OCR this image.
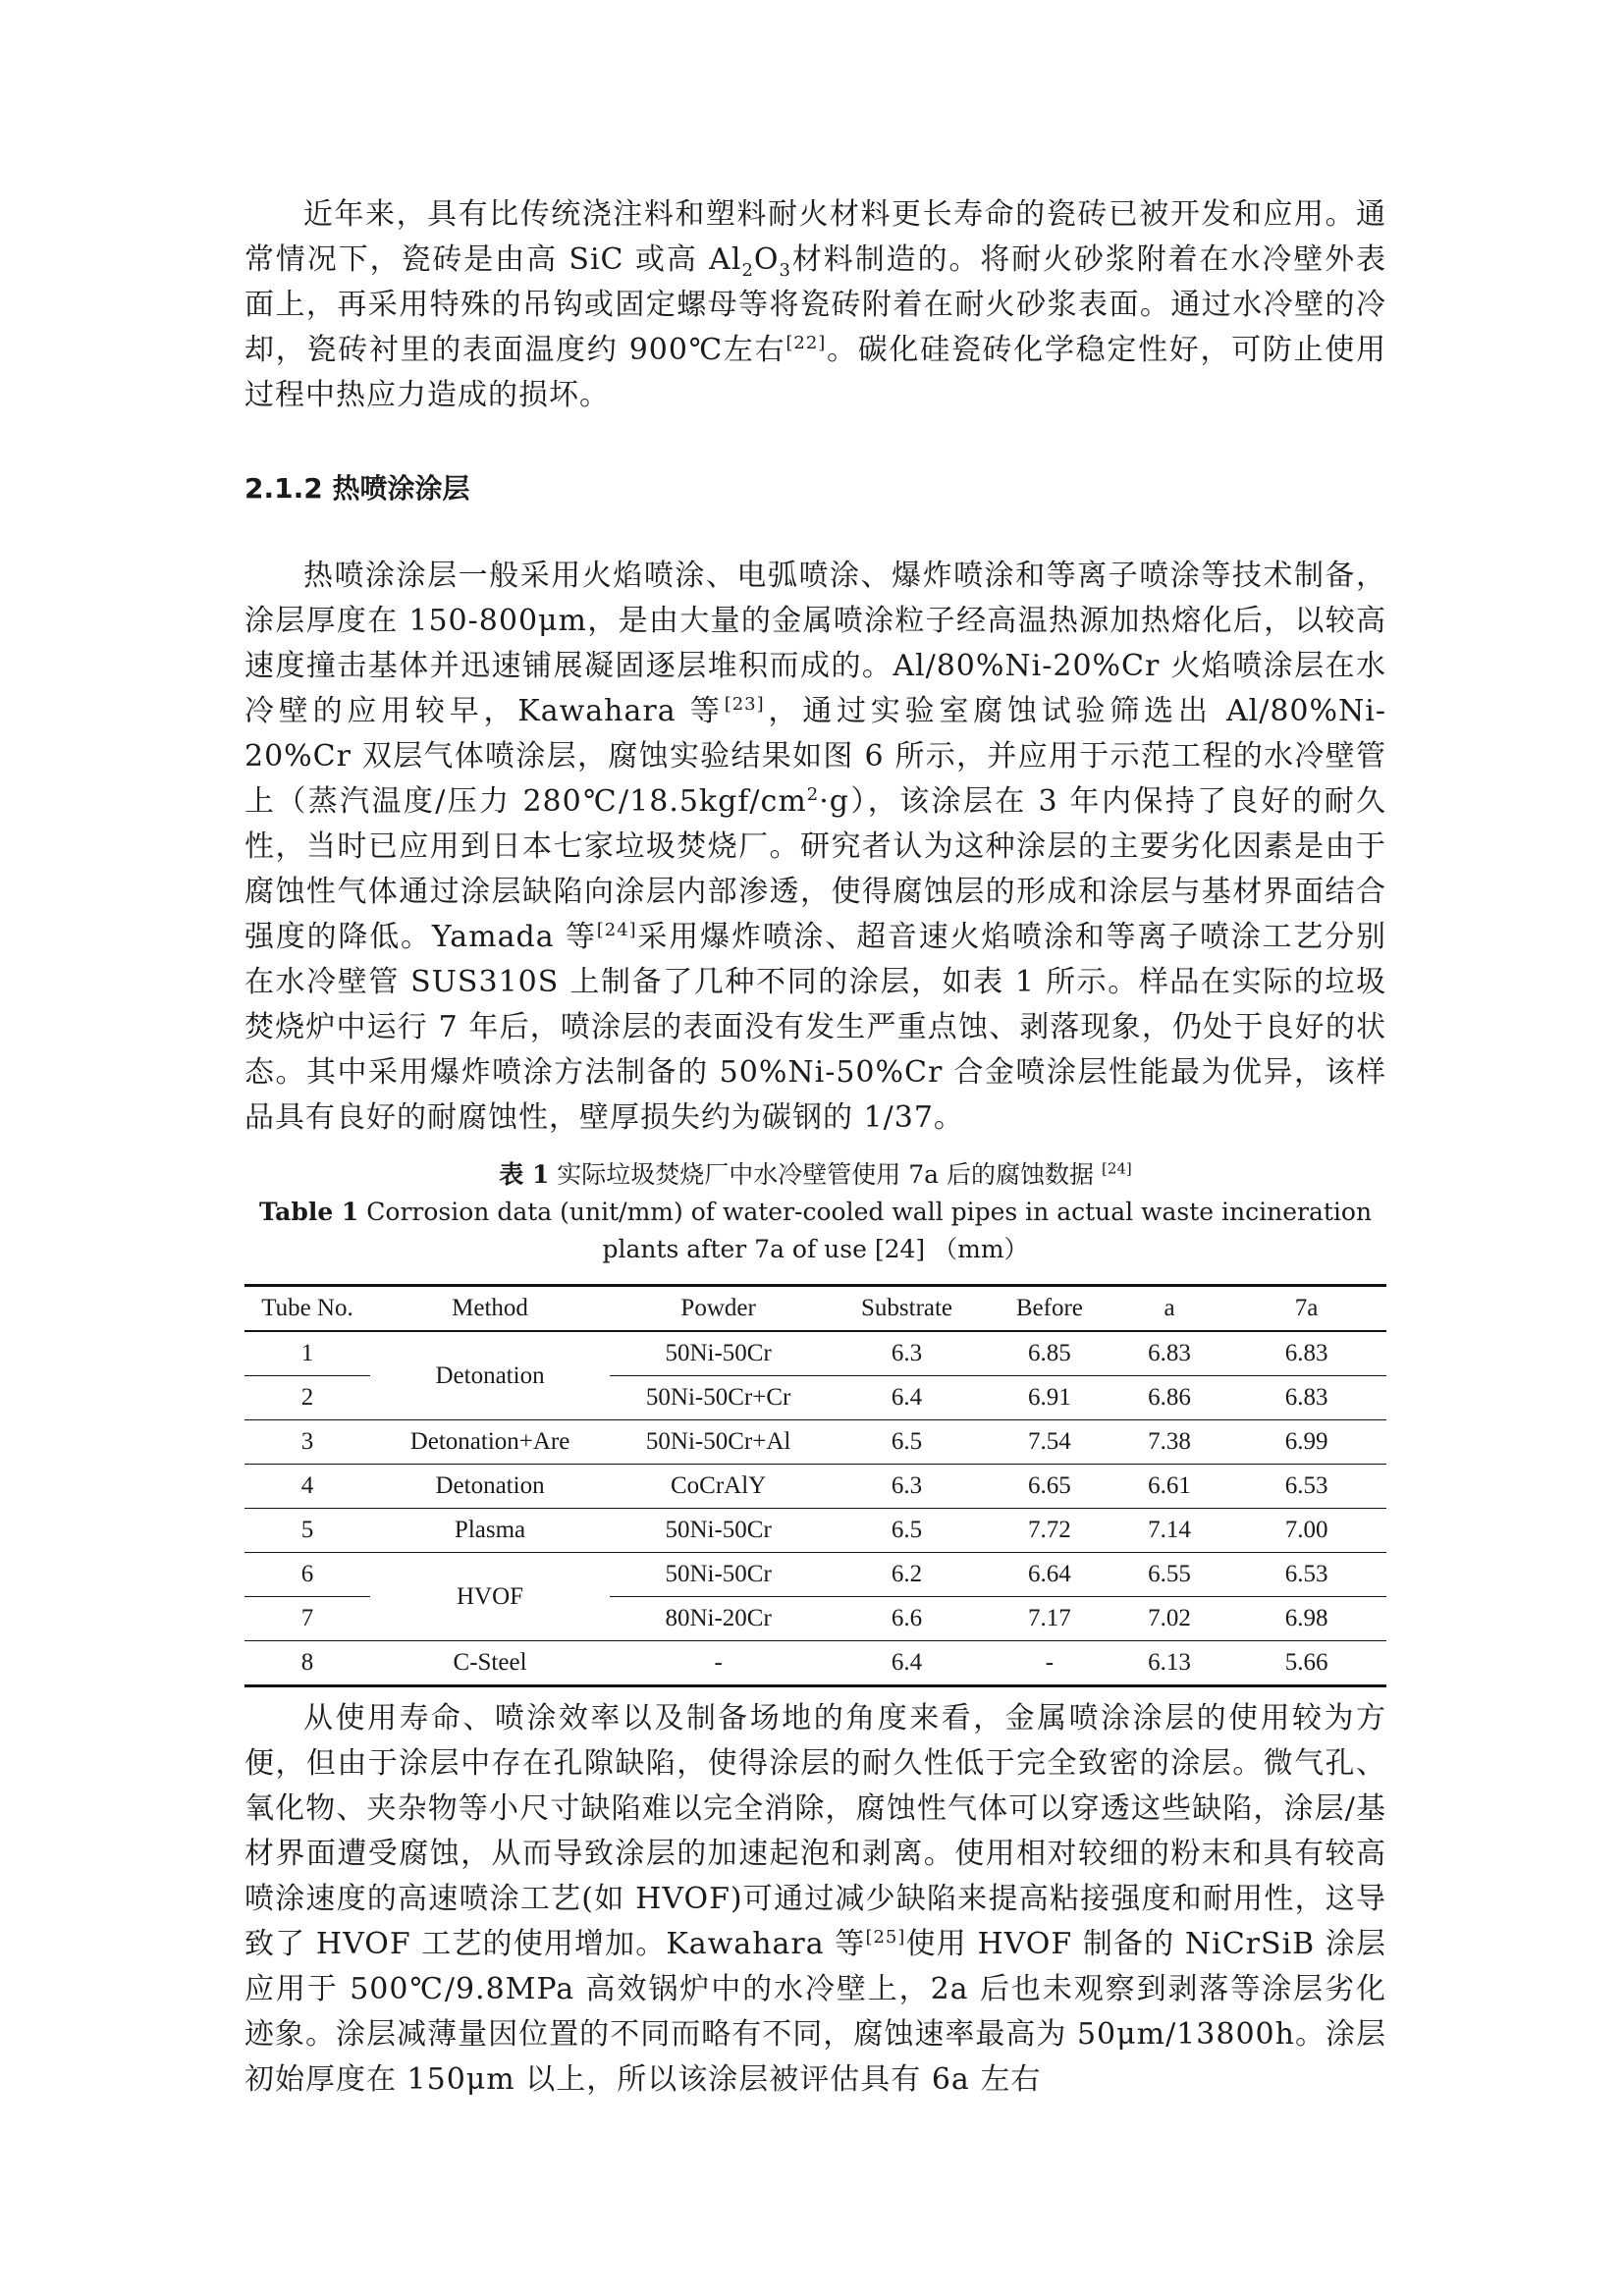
近年来，具有比传统浇注料和塑料耐火材料更长寿命的瓷砖已被开发和应用。通常情况下，瓷砖是由高 SiC 或高 $Al_2O_3$材料制造的。将耐火砂浆附着在水冷壁外表面上，再采用特殊的吊钩或固定螺母等将瓷砖附着在耐火砂浆表面。通过水冷壁的冷却，瓷砖衬里的表面温度约 900℃左右[22]。碳化硅瓷砖化学稳定性好，可防止使用过程中热应力造成的损坏。

2.1.2 热喷涂涂层

热喷涂涂层一般采用火焰喷涂、电弧喷涂、爆炸喷涂和等离子喷涂等技术制备，涂层厚度在 150-800μm，是由大量的金属喷涂粒子经高温热源加热熔化后，以较高速度撞击基体并迅速铺展凝固逐层堆积而成的。Al/80%Ni-20%Cr 火焰喷涂层在水冷壁的应用较早，Kawahara 等[23]，通过实验室腐蚀试验筛选出 Al/80%Ni-20%Cr 双层气体喷涂层，腐蚀实验结果如图 6 所示，并应用于示范工程的水冷壁管上（蒸汽温度/压力 $280℃/18.5kgf/cm^2\cdot g$），该涂层在 3 年内保持了良好的耐久性，当时已应用到日本七家垃圾焚烧厂。研究者认为这种涂层的主要劣化因素是由于腐蚀性气体通过涂层缺陷向涂层内部渗透，使得腐蚀层的形成和涂层与基材界面结合强度的降低。Yamada 等[24]采用爆炸喷涂、超音速火焰喷涂和等离子喷涂工艺分别在水冷壁管 SUS310S 上制备了几种不同的涂层，如表 1 所示。样品在实际的垃圾焚烧炉中运行 7 年后，喷涂层的表面没有发生严重点蚀、剥落现象，仍处于良好的状态。其中采用爆炸喷涂方法制备的 50%Ni-50%Cr 合金喷涂层性能最为优异，该样品具有良好的耐腐蚀性，壁厚损失约为碳钢的 1/37。

表 1 实际垃圾焚烧厂中水冷壁管使用 7a 后的腐蚀数据 [24]
Table 1 Corrosion data (unit/mm) of water-cooled wall pipes in actual waste incineration plants after 7a of use [24] （mm）
Tube No.	Method	Powder	Substrate	Before	a	7a
1	Detonation	50Ni-50Cr	6.3	6.85	6.83	6.83
2		50Ni-50Cr+Cr	6.4	6.91	6.86	6.83
3	Detonation+Are	50Ni-50Cr+Al	6.5	7.54	7.38	6.99
4	Detonation	CoCrAlY	6.3	6.65	6.61	6.53
5	Plasma	50Ni-50Cr	6.5	7.72	7.14	7.00
6	HVOF	50Ni-50Cr	6.2	6.64	6.55	6.53
7		80Ni-20Cr	6.6	7.17	7.02	6.98
8	C-Steel	-	6.4	-	6.13	5.66

从使用寿命、喷涂效率以及制备场地的角度来看，金属喷涂涂层的使用较为方便，但由于涂层中存在孔隙缺陷，使得涂层的耐久性低于完全致密的涂层。微气孔、氧化物、夹杂物等小尺寸缺陷难以完全消除，腐蚀性气体可以穿透这些缺陷，涂层/基材界面遭受腐蚀，从而导致涂层的加速起泡和剥离。使用相对较细的粉末和具有较高喷涂速度的高速喷涂工艺(如 HVOF)可通过减少缺陷来提高粘接强度和耐用性，这导致了 HVOF 工艺的使用增加。Kawahara 等[25]使用 HVOF 制备的 NiCrSiB 涂层应用于 500℃/9.8MPa 高效锅炉中的水冷壁上，2a 后也未观察到剥落等涂层劣化迹象。涂层减薄量因位置的不同而略有不同，腐蚀速率最高为 50μm/13800h。涂层初始厚度在 150μm 以上，所以该涂层被评估具有 6a 左右
